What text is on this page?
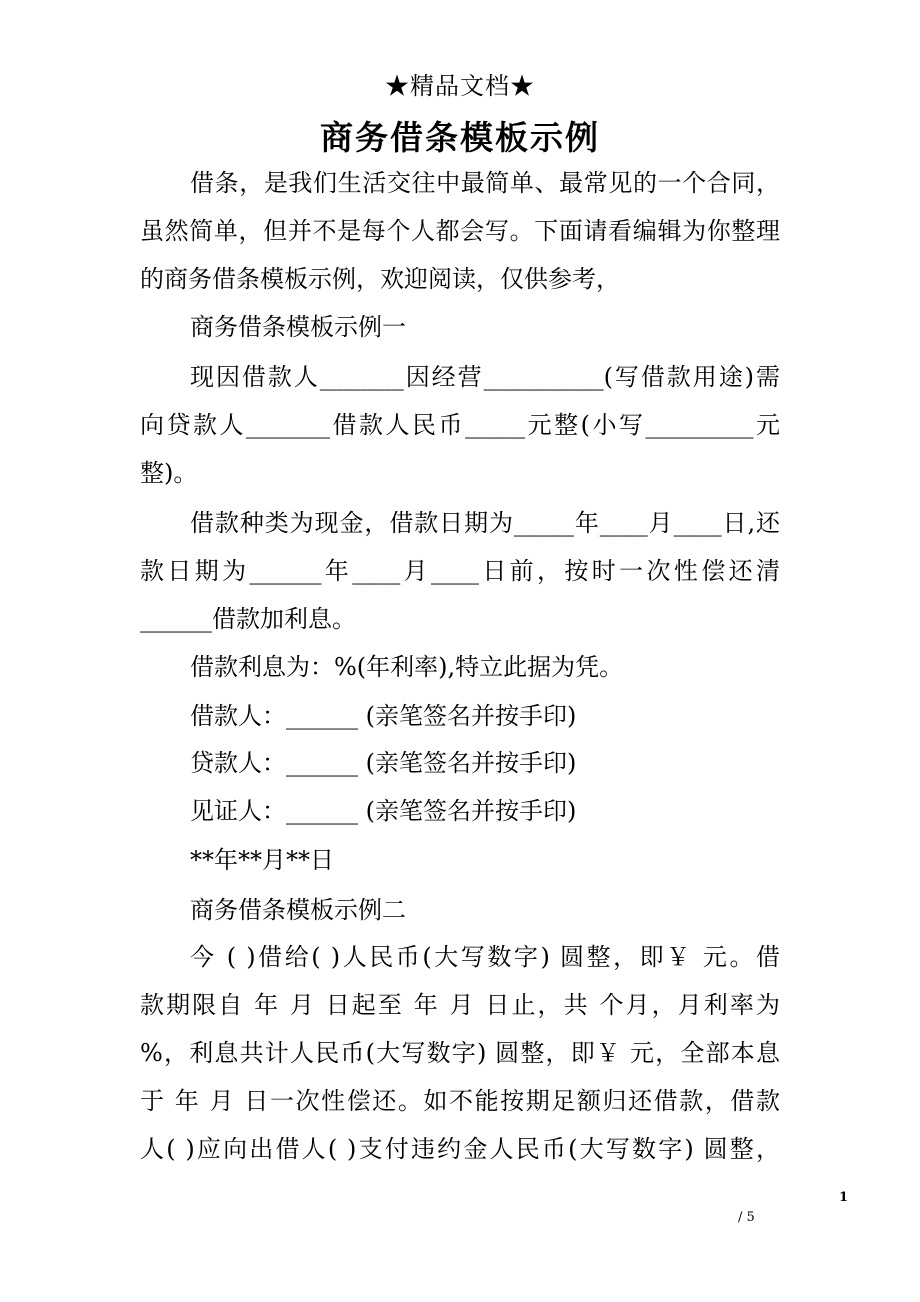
★精品文档★
商务借条模板示例
借条，是我们生活交往中最简单、最常见的一个合同，
虽然简单，但并不是每个人都会写。下面请看编辑为你整理
的商务借条模板示例，欢迎阅读，仅供参考，
商务借条模板示例一
现因借款人_______因经营__________(写借款用途)需
向贷款人_______借款人民币_____元整(小写_________元
整)。
借款种类为现金，借款日期为_____年____月____日,还
款日期为______年____月____日前，按时一次性偿还清
______借款加利息。
借款利息为：%(年利率),特立此据为凭。
借款人：______ (亲笔签名并按手印)
贷款人：______ (亲笔签名并按手印)
见证人：______ (亲笔签名并按手印)
**年**月**日
商务借条模板示例二
今 ( )借给( )人民币(大写数字) 圆整，即￥ 元。借
款期限自 年 月 日起至 年 月 日止，共 个月，月利率为
%，利息共计人民币(大写数字) 圆整，即￥ 元，全部本息
于 年 月 日一次性偿还。如不能按期足额归还借款，借款
人( )应向出借人( )支付违约金人民币(大写数字) 圆整，
1
/ 5
